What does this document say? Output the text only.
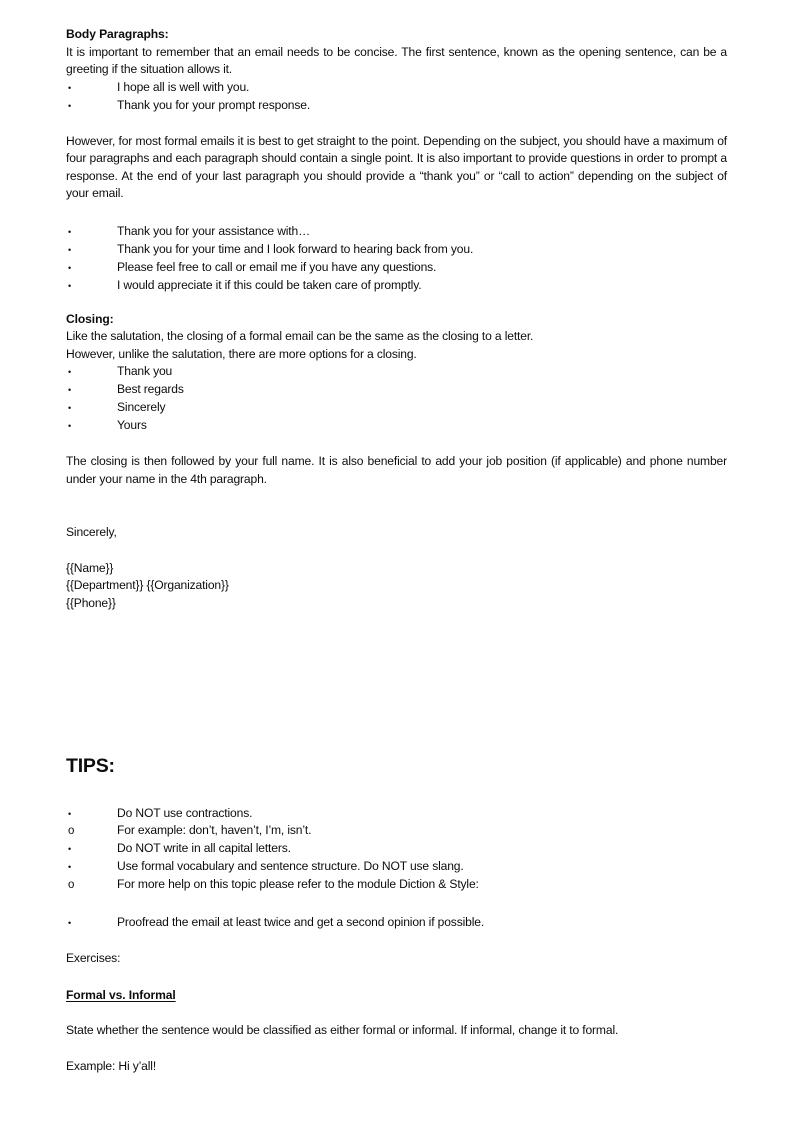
Body Paragraphs:
It is important to remember that an email needs to be concise. The first sentence, known as the opening sentence, can be a greeting if the situation allows it.
•	I hope all is well with you.
•	Thank you for your prompt response.
However, for most formal emails it is best to get straight to the point. Depending on the subject, you should have a maximum of four paragraphs and each paragraph should contain a single point. It is also important to provide questions in order to prompt a response. At the end of your last paragraph you should provide a “thank you” or “call to action” depending on the subject of your email.
•	Thank you for your assistance with…
•	Thank you for your time and I look forward to hearing back from you.
•	Please feel free to call or email me if you have any questions.
•	I would appreciate it if this could be taken care of promptly.
Closing:
Like the salutation, the closing of a formal email can be the same as the closing to a letter.
However, unlike the salutation, there are more options for a closing.
•	Thank you
•	Best regards
•	Sincerely
•	Yours
The closing is then followed by your full name. It is also beneficial to add your job position (if applicable) and phone number under your name in the 4th paragraph.
Sincerely,
{{Name}}
{{Department}} {{Organization}}
{{Phone}}
TIPS:
•	Do NOT use contractions.
o	For example: don’t, haven’t, I’m, isn’t.
•	Do NOT write in all capital letters.
•	Use formal vocabulary and sentence structure. Do NOT use slang.
o	For more help on this topic please refer to the module Diction & Style:
•	Proofread the email at least twice and get a second opinion if possible.
Exercises:
Formal vs. Informal
State whether the sentence would be classified as either formal or informal. If informal, change it to formal.
Example: Hi y’all!
